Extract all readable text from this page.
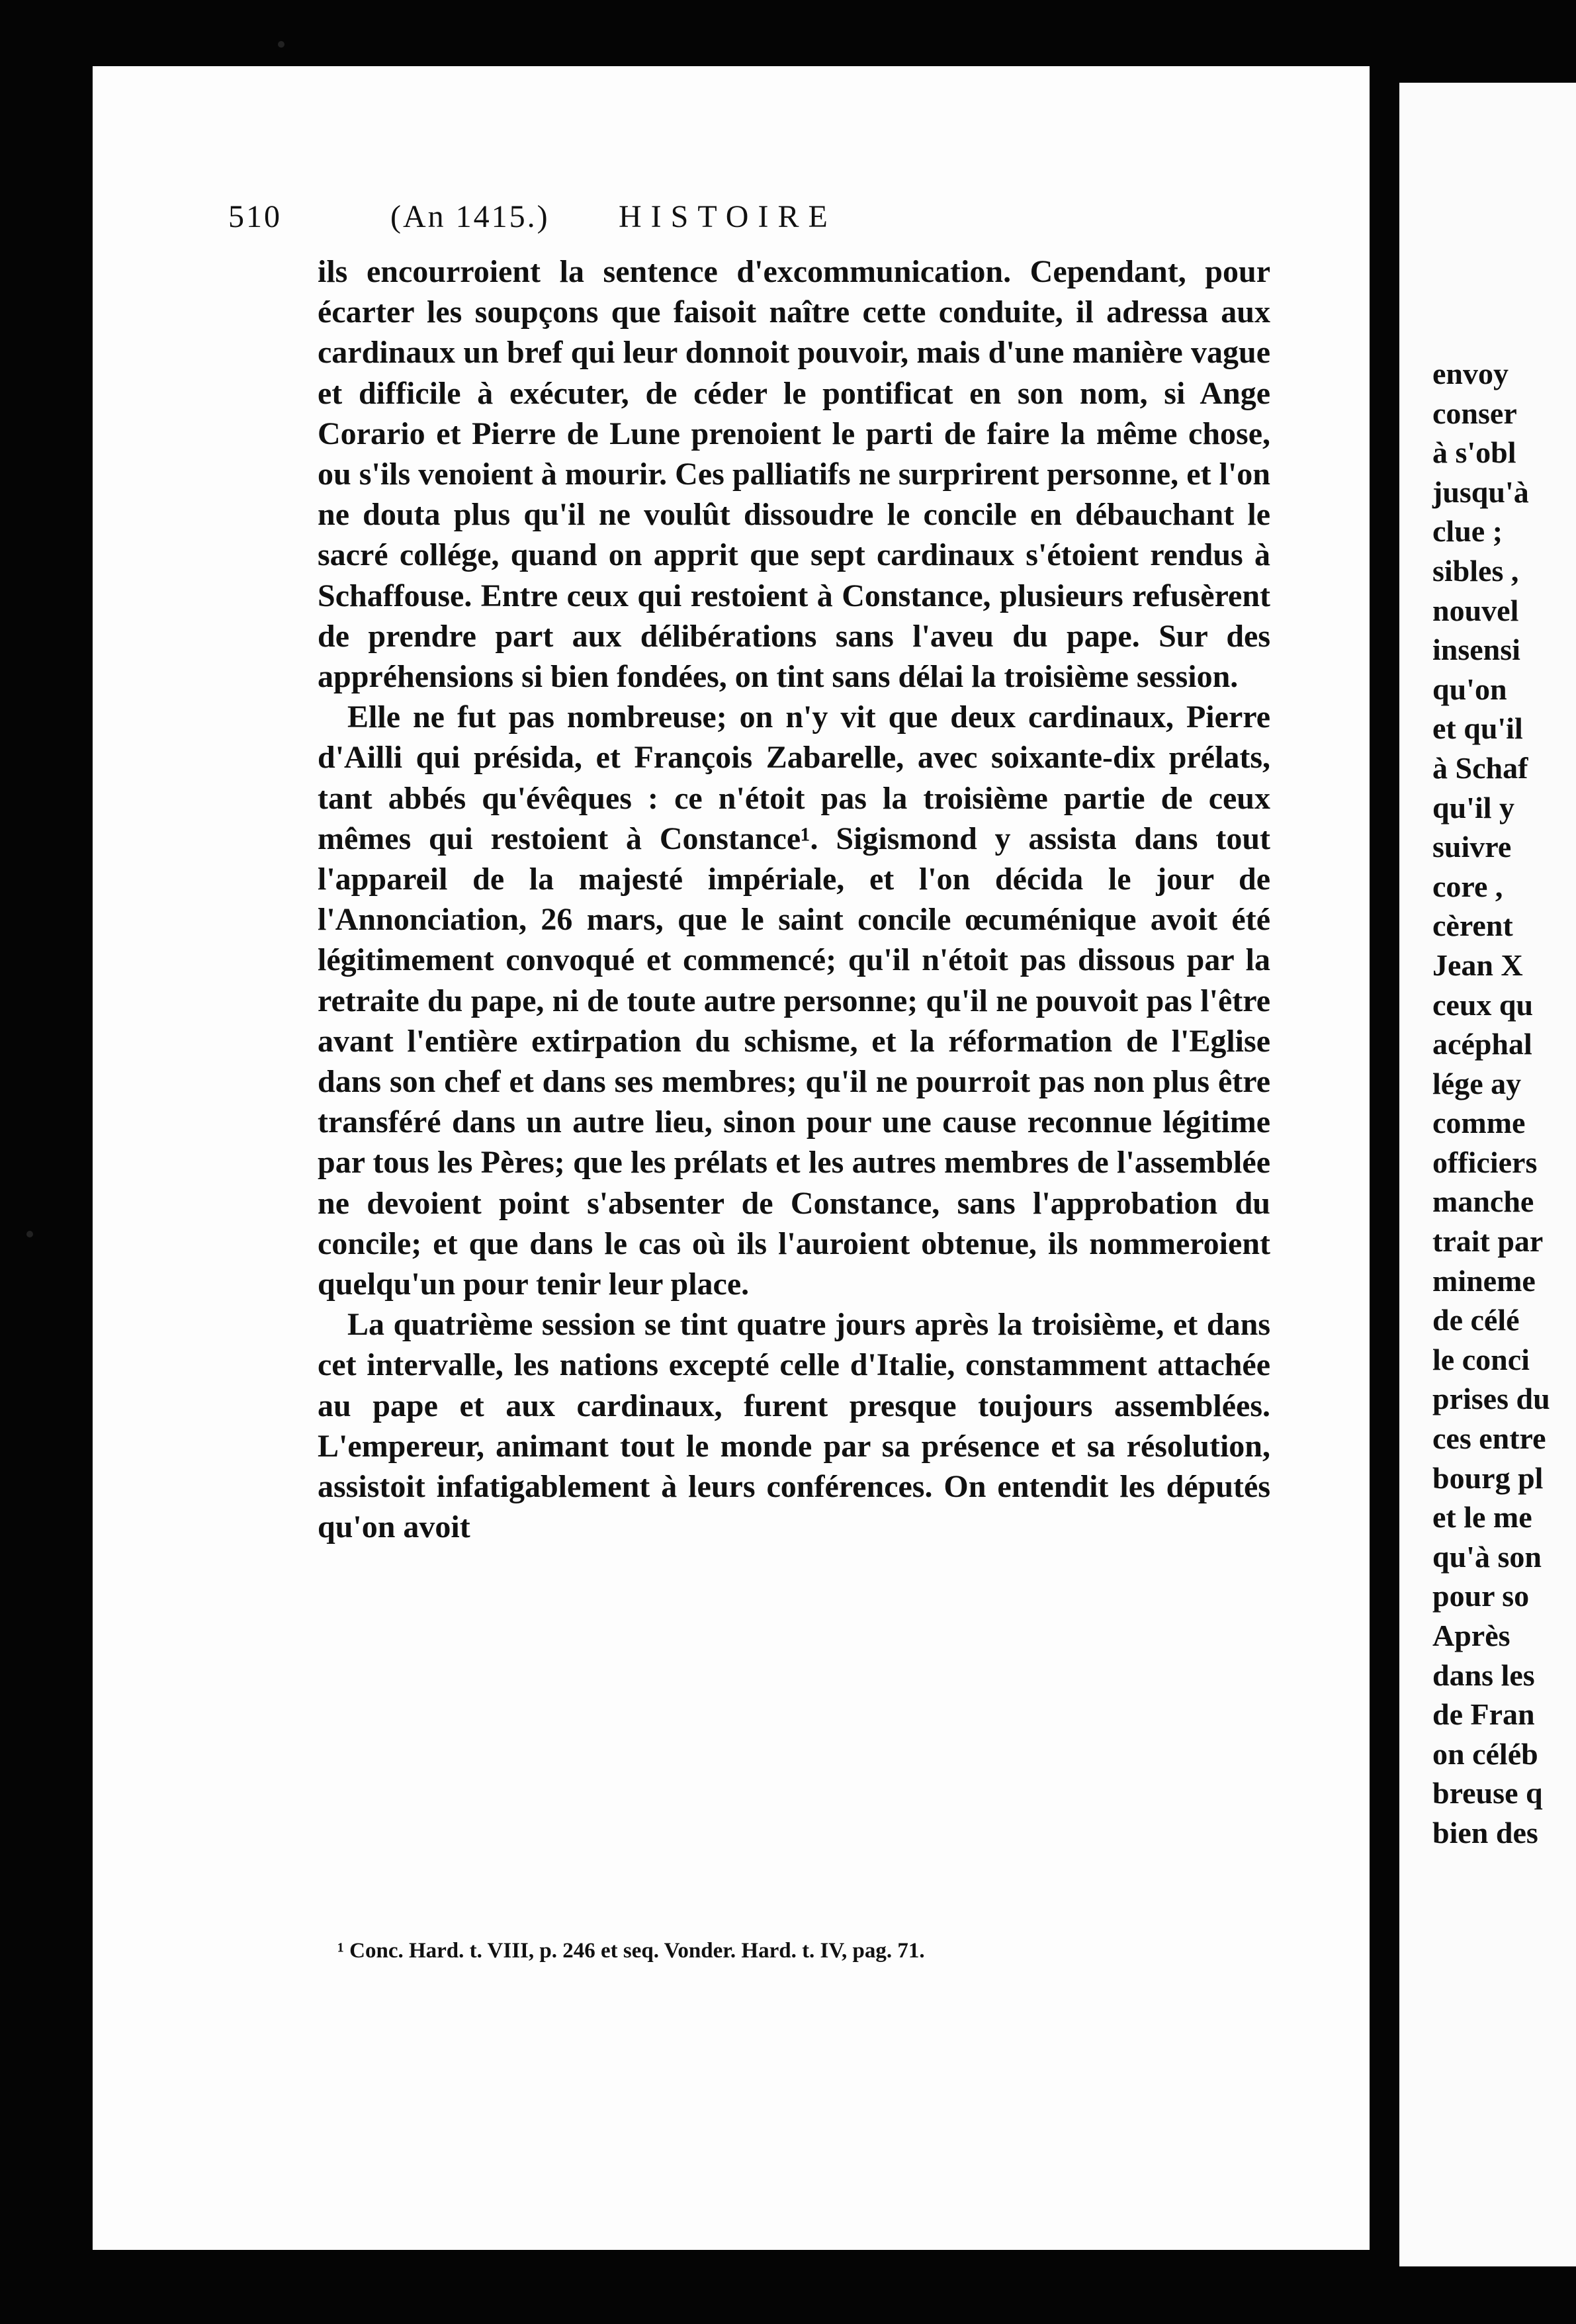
510	(An 1415.) HISTOIRE

ils encourroient la sentence d'excommunication. Cependant, pour écarter les soupçons que faisoit naître cette conduite, il adressa aux cardinaux un bref qui leur donnoit pouvoir, mais d'une manière vague et difficile à exécuter, de céder le pontificat en son nom, si Ange Corario et Pierre de Lune prenoient le parti de faire la même chose, ou s'ils venoient à mourir. Ces palliatifs ne surprirent personne, et l'on ne douta plus qu'il ne voulût dissoudre le concile en débauchant le sacré collége, quand on apprit que sept cardinaux s'étoient rendus à Schaffouse. Entre ceux qui restoient à Constance, plusieurs refusèrent de prendre part aux délibérations sans l'aveu du pape. Sur des appréhensions si bien fondées, on tint sans délai la troisième session.

Elle ne fut pas nombreuse; on n'y vit que deux cardinaux, Pierre d'Ailli qui présida, et François Zabarelle, avec soixante-dix prélats, tant abbés qu'évêques : ce n'étoit pas la troisième partie de ceux mêmes qui restoient à Constance¹. Sigismond y assista dans tout l'appareil de la majesté impériale, et l'on décida le jour de l'Annonciation, 26 mars, que le saint concile œcuménique avoit été légitimement convoqué et commencé; qu'il n'étoit pas dissous par la retraite du pape, ni de toute autre personne; qu'il ne pouvoit pas l'être avant l'entière extirpation du schisme, et la réformation de l'Eglise dans son chef et dans ses membres; qu'il ne pourroit pas non plus être transféré dans un autre lieu, sinon pour une cause reconnue légitime par tous les Pères; que les prélats et les autres membres de l'assemblée ne devoient point s'absenter de Constance, sans l'approbation du concile; et que dans le cas où ils l'auroient obtenue, ils nommeroient quelqu'un pour tenir leur place.

La quatrième session se tint quatre jours après la troisième, et dans cet intervalle, les nations excepté celle d'Italie, constamment attachée au pape et aux cardinaux, furent presque toujours assemblées. L'empereur, animant tout le monde par sa présence et sa résolution, assistoit infatigablement à leurs conférences. On entendit les députés qu'on avoit

¹ Conc. Hard. t. VIII, p. 246 et seq. Vonder. Hard. t. IV, pag. 71.
envoy
conser
à s'obl
jusqu'à
clue ;
sibles ,
nouvel
insensi
qu'on
et qu'il
à Schaf
qu'il y
suivre
core ,
cèrent
Jean X
ceux qu
acéphal
lége ay
comme
officiers
manche
trait par
mineme
de célé
le conci
prises du
ces entre
bourg pl
et le me
qu'à son
pour so
Après
dans les
de Fran
on céléb
breuse q
bien des
